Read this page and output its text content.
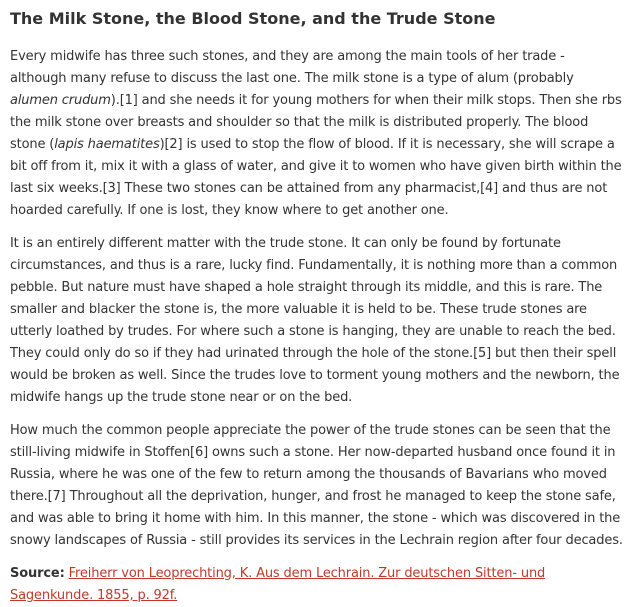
The Milk Stone, the Blood Stone, and the Trude Stone

Every midwife has three such stones, and they are among the main tools of her trade - although many refuse to discuss the last one. The milk stone is a type of alum (probably alumen crudum).[1] and she needs it for young mothers for when their milk stops. Then she rbs the milk stone over breasts and shoulder so that the milk is distributed properly. The blood stone (lapis haematites)[2] is used to stop the flow of blood. If it is necessary, she will scrape a bit off from it, mix it with a glass of water, and give it to women who have given birth within the last six weeks.[3] These two stones can be attained from any pharmacist,[4] and thus are not hoarded carefully. If one is lost, they know where to get another one.

It is an entirely different matter with the trude stone. It can only be found by fortunate circumstances, and thus is a rare, lucky find. Fundamentally, it is nothing more than a common pebble. But nature must have shaped a hole straight through its middle, and this is rare. The smaller and blacker the stone is, the more valuable it is held to be. These trude stones are utterly loathed by trudes. For where such a stone is hanging, they are unable to reach the bed. They could only do so if they had urinated through the hole of the stone.[5] but then their spell would be broken as well. Since the trudes love to torment young mothers and the newborn, the midwife hangs up the trude stone near or on the bed.

How much the common people appreciate the power of the trude stones can be seen that the still-living midwife in Stoffen[6] owns such a stone. Her now-departed husband once found it in Russia, where he was one of the few to return among the thousands of Bavarians who moved there.[7] Throughout all the deprivation, hunger, and frost he managed to keep the stone safe, and was able to bring it home with him. In this manner, the stone - which was discovered in the snowy landscapes of Russia - still provides its services in the Lechrain region after four decades.

Source: Freiherr von Leoprechting, K. Aus dem Lechrain. Zur deutschen Sitten- und Sagenkunde. 1855, p. 92f.
